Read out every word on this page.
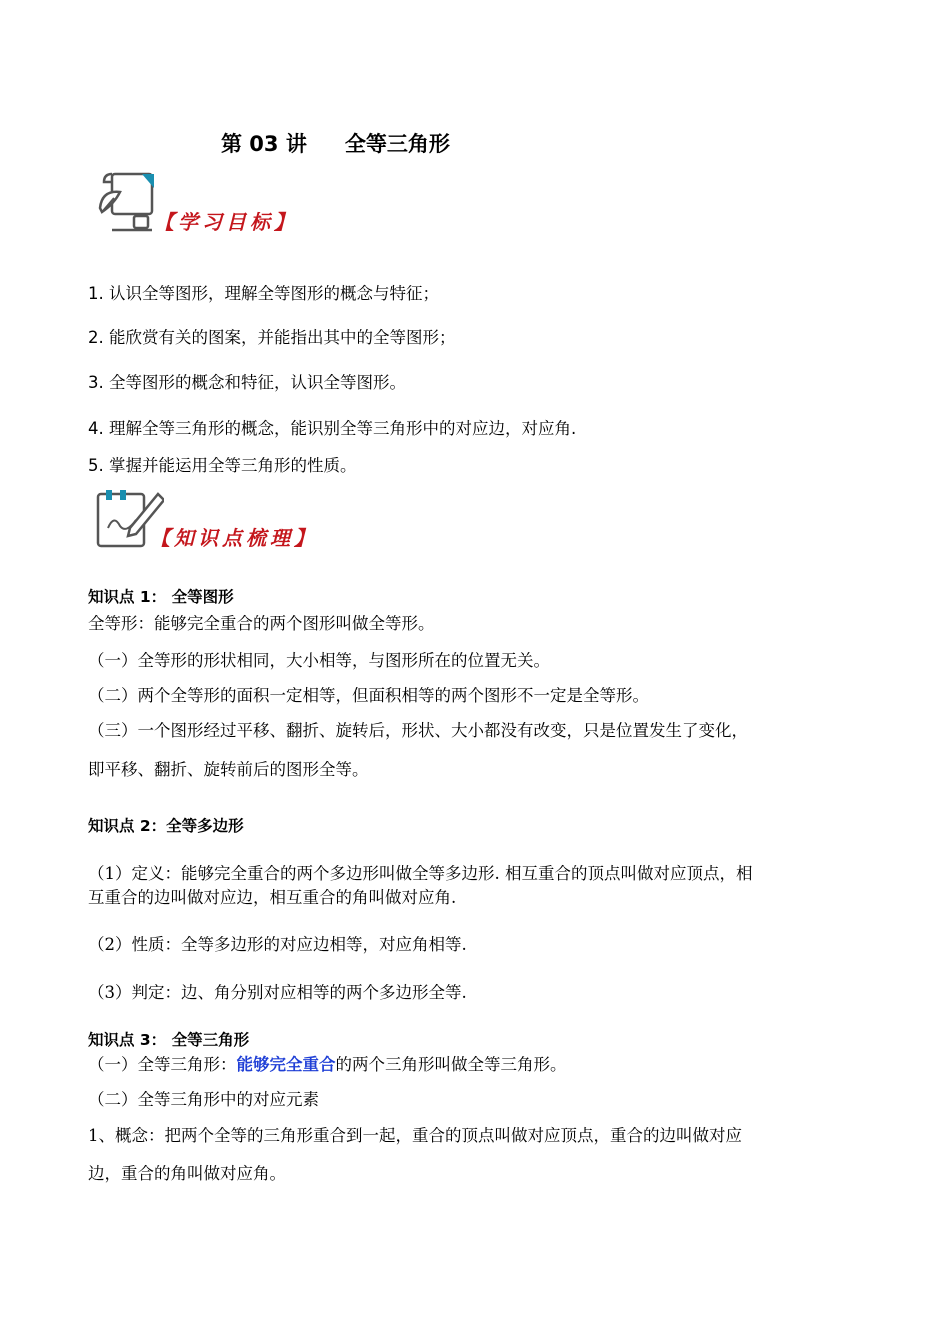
第 03 讲 全等三角形
【学习目标】
1. 认识全等图形，理解全等图形的概念与特征；
2. 能欣赏有关的图案，并能指出其中的全等图形；
3. 全等图形的概念和特征，认识全等图形。
4. 理解全等三角形的概念，能识别全等三角形中的对应边，对应角.
5. 掌握并能运用全等三角形的性质。
【知识点梳理】
知识点 1： 全等图形
全等形：能够完全重合的两个图形叫做全等形。
（一）全等形的形状相同，大小相等，与图形所在的位置无关。
（二）两个全等形的面积一定相等，但面积相等的两个图形不一定是全等形。
（三）一个图形经过平移、翻折、旋转后，形状、大小都没有改变，只是位置发生了变化，
即平移、翻折、旋转前后的图形全等。
知识点 2：全等多边形
（1）定义：能够完全重合的两个多边形叫做全等多边形. 相互重合的顶点叫做对应顶点，相
互重合的边叫做对应边，相互重合的角叫做对应角.
（2）性质：全等多边形的对应边相等，对应角相等.
（3）判定：边、角分别对应相等的两个多边形全等.
知识点 3： 全等三角形
（一）全等三角形：能够完全重合的两个三角形叫做全等三角形。
（二）全等三角形中的对应元素
1、概念：把两个全等的三角形重合到一起，重合的顶点叫做对应顶点，重合的边叫做对应
边，重合的角叫做对应角。
